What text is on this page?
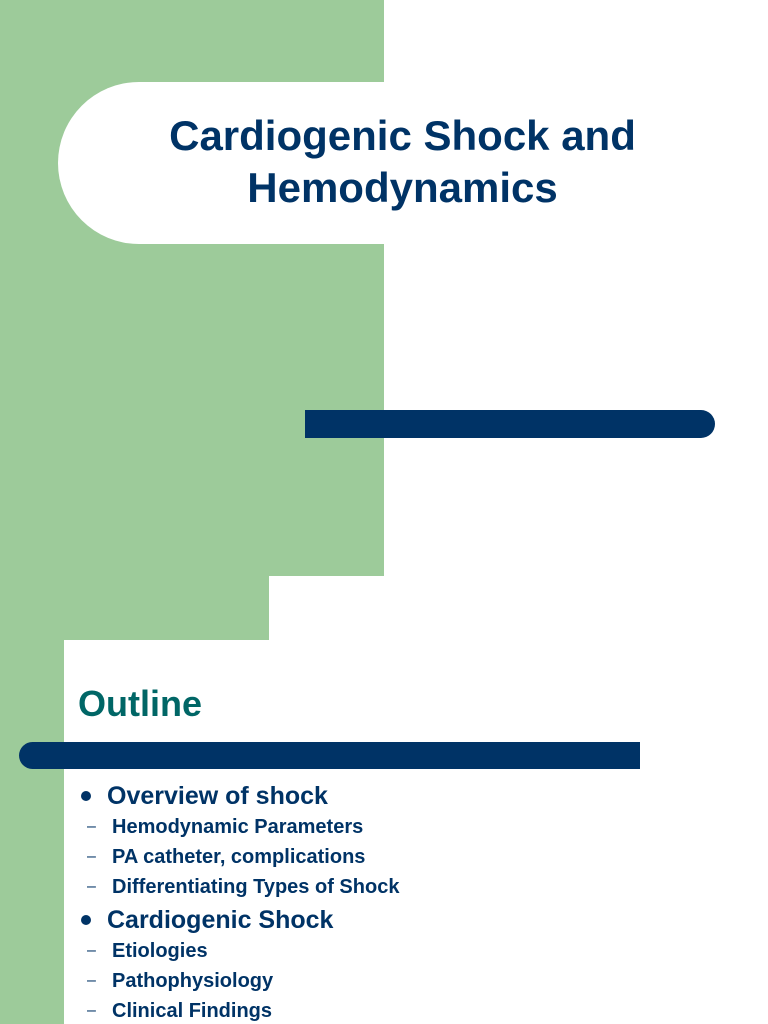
Cardiogenic Shock and Hemodynamics
Outline
Overview of shock
– Hemodynamic Parameters
– PA catheter, complications
– Differentiating Types of Shock
Cardiogenic Shock
– Etiologies
– Pathophysiology
– Clinical Findings
